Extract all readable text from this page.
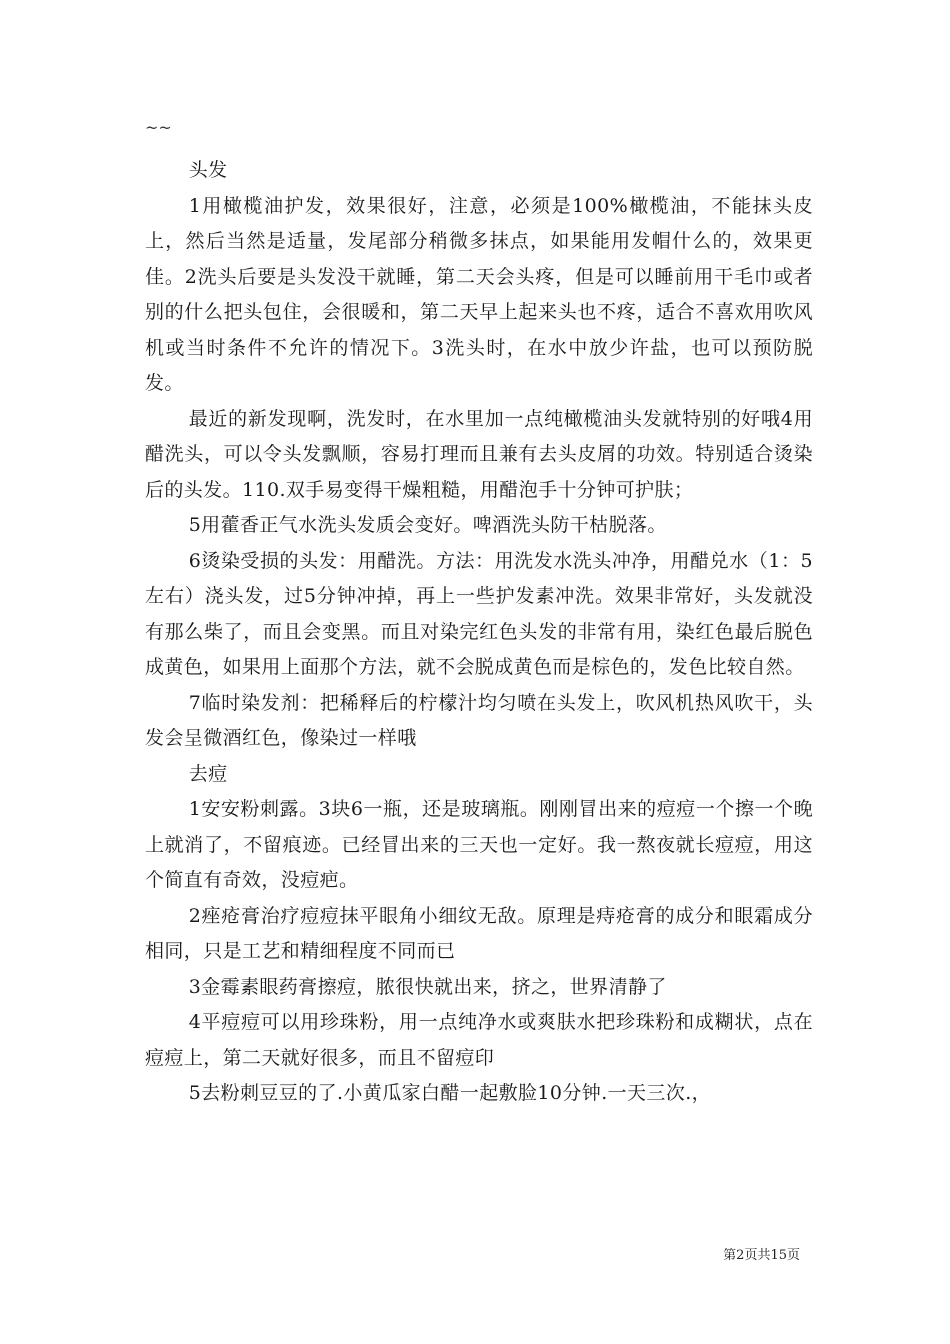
~~

头发

1用橄榄油护发，效果很好，注意，必须是100%橄榄油，不能抹头皮上，然后当然是适量，发尾部分稍微多抹点，如果能用发帽什么的，效果更佳。2洗头后要是头发没干就睡，第二天会头疼，但是可以睡前用干毛巾或者别的什么把头包住，会很暖和，第二天早上起来头也不疼，适合不喜欢用吹风机或当时条件不允许的情况下。3洗头时，在水中放少许盐，也可以预防脱发。

最近的新发现啊，洗发时，在水里加一点纯橄榄油头发就特别的好哦4用醋洗头，可以令头发飘顺，容易打理而且兼有去头皮屑的功效。特别适合烫染后的头发。110.双手易变得干燥粗糙，用醋泡手十分钟可护肤；

5用藿香正气水洗头发质会变好。啤酒洗头防干枯脱落。

6烫染受损的头发：用醋洗。方法：用洗发水洗头冲净，用醋兑水（1：5左右）浇头发，过5分钟冲掉，再上一些护发素冲洗。效果非常好，头发就没有那么柴了，而且会变黑。而且对染完红色头发的非常有用，染红色最后脱色成黄色，如果用上面那个方法，就不会脱成黄色而是棕色的，发色比较自然。

7临时染发剂：把稀释后的柠檬汁均匀喷在头发上，吹风机热风吹干，头发会呈微酒红色，像染过一样哦

去痘

1安安粉刺露。3块6一瓶，还是玻璃瓶。刚刚冒出来的痘痘一个擦一个晚上就消了，不留痕迹。已经冒出来的三天也一定好。我一熬夜就长痘痘，用这个简直有奇效，没痘疤。

2痤疮膏治疗痘痘抹平眼角小细纹无敌。原理是痔疮膏的成分和眼霜成分相同，只是工艺和精细程度不同而已

3金霉素眼药膏擦痘，脓很快就出来，挤之，世界清静了

4平痘痘可以用珍珠粉，用一点纯净水或爽肤水把珍珠粉和成糊状，点在痘痘上，第二天就好很多，而且不留痘印

5去粉刺豆豆的了.小黄瓜家白醋一起敷脸10分钟.一天三次.，

第2页共15页
